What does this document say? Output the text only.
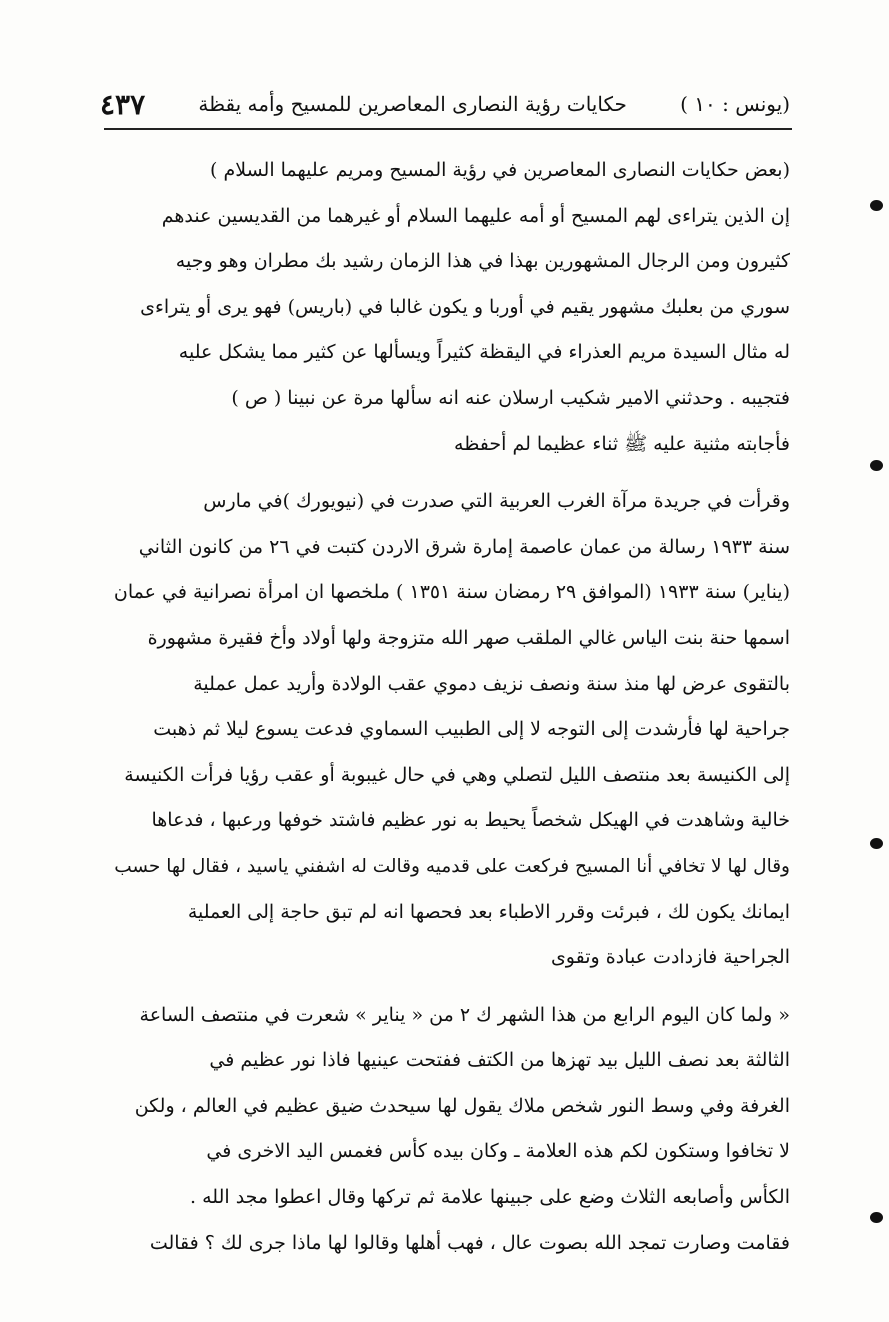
(يونس : ١٠ )
حكايات رؤية النصارى المعاصرين للمسيح وأمه يقظة
٤٣٧
(بعض حكايات النصارى المعاصرين في رؤية المسيح ومريم عليهما السلام )
إن الذين يتراءى لهم المسيح أو أمه عليهما السلام أو غيرهما من القديسين عندهم
كثيرون ومن الرجال المشهورين بهذا في هذا الزمان رشيد بك مطران وهو وجيه
سوري من بعلبك مشهور يقيم في أوربا و يكون غالبا في (باريس) فهو يرى أو يتراءى
له مثال السيدة مريم العذراء في اليقظة كثيراً ويسألها عن كثير مما يشكل عليه
فتجيبه . وحدثني الامير شكيب ارسلان عنه انه سألها مرة عن نبينا ( ص )
فأجابته مثنية عليه ﷺ ثناء عظيما لم أحفظه
وقرأت في جريدة مرآة الغرب العربية التي صدرت في (نيويورك )في مارس
سنة ١٩٣٣ رسالة من عمان عاصمة إمارة شرق الاردن كتبت في ٢٦ من كانون الثاني
(يناير) سنة ١٩٣٣ (الموافق ٢٩ رمضان سنة ١٣٥١ ) ملخصها ان امرأة نصرانية في عمان
اسمها حنة بنت الياس غالي الملقب صهر الله متزوجة ولها أولاد وأخ فقيرة مشهورة
بالتقوى عرض لها منذ سنة ونصف نزيف دموي عقب الولادة وأريد عمل عملية
جراحية لها فأرشدت إلى التوجه لا إلى الطبيب السماوي فدعت يسوع ليلا ثم ذهبت
إلى الكنيسة بعد منتصف الليل لتصلي وهي في حال غيبوبة أو عقب رؤيا فرأت الكنيسة
خالية وشاهدت في الهيكل شخصاً يحيط به نور عظيم فاشتد خوفها ورعبها ، فدعاها
وقال لها لا تخافي أنا المسيح فركعت على قدميه وقالت له اشفني ياسيد ، فقال لها حسب
ايمانك يكون لك ، فبرئت وقرر الاطباء بعد فحصها انه لم تبق حاجة إلى العملية
الجراحية فازدادت عبادة وتقوى
« ولما كان اليوم الرابع من هذا الشهر ك ٢ من « يناير » شعرت في منتصف الساعة
الثالثة بعد نصف الليل بيد تهزها من الكتف ففتحت عينيها فاذا نور عظيم في
الغرفة وفي وسط النور شخص ملاك يقول لها سيحدث ضيق عظيم في العالم ، ولكن
لا تخافوا وستكون لكم هذه العلامة ـ وكان بيده كأس فغمس اليد الاخرى في
الكأس وأصابعه الثلاث وضع على جبينها علامة ثم تركها وقال اعطوا مجد الله .
فقامت وصارت تمجد الله بصوت عال ، فهب أهلها وقالوا لها ماذا جرى لك ؟ فقالت
